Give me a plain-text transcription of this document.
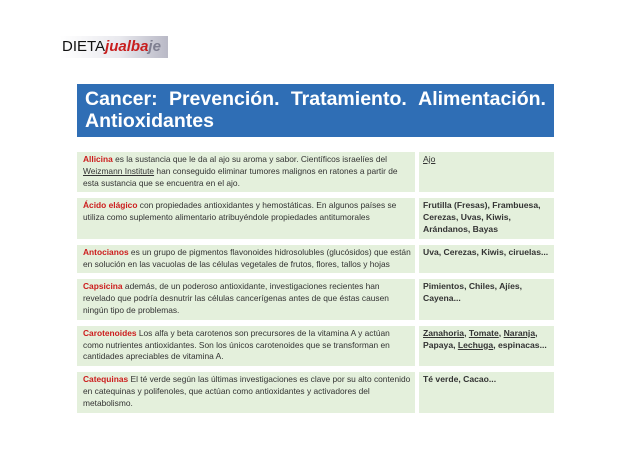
DIETAjualbaje
Cancer: Prevención. Tratamiento. Alimentación.
Antioxidantes
Allicina es la sustancia que le da al ajo su aroma y sabor. Científicos israelíes del Weizmann Institute han conseguido eliminar tumores malignos en ratones a partir de esta sustancia que se encuentra en el ajo.		Ajo
Ácido elágico con propiedades antioxidantes y hemostáticas. En algunos países se utiliza como suplemento alimentario atribuyéndole propiedades antitumorales		Frutilla (Fresas), Frambuesa, Cerezas, Uvas, Kiwis, Arándanos, Bayas
Antocianos es un grupo de pigmentos flavonoides hidrosolubles (glucósidos) que están en solución en las vacuolas de las células vegetales de frutos, flores, tallos y hojas		Uva, Cerezas, Kiwis, ciruelas...
Capsicina además, de un poderoso antioxidante, investigaciones recientes han revelado que podría desnutrir las células cancerígenas antes de que éstas causen ningún tipo de problemas.		Pimientos, Chiles, Ajíes, Cayena...
Carotenoides Los alfa y beta carotenos son precursores de la vitamina A y actúan como nutrientes antioxidantes. Son los únicos carotenoides que se transforman en cantidades apreciables de vitamina A.		Zanahoria, Tomate, Naranja, Papaya, Lechuga, espinacas...
Catequinas El té verde según las últimas investigaciones es clave por su alto contenido en catequinas y polifenoles, que actúan como antioxidantes y activadores del metabolismo.		Té verde, Cacao...
